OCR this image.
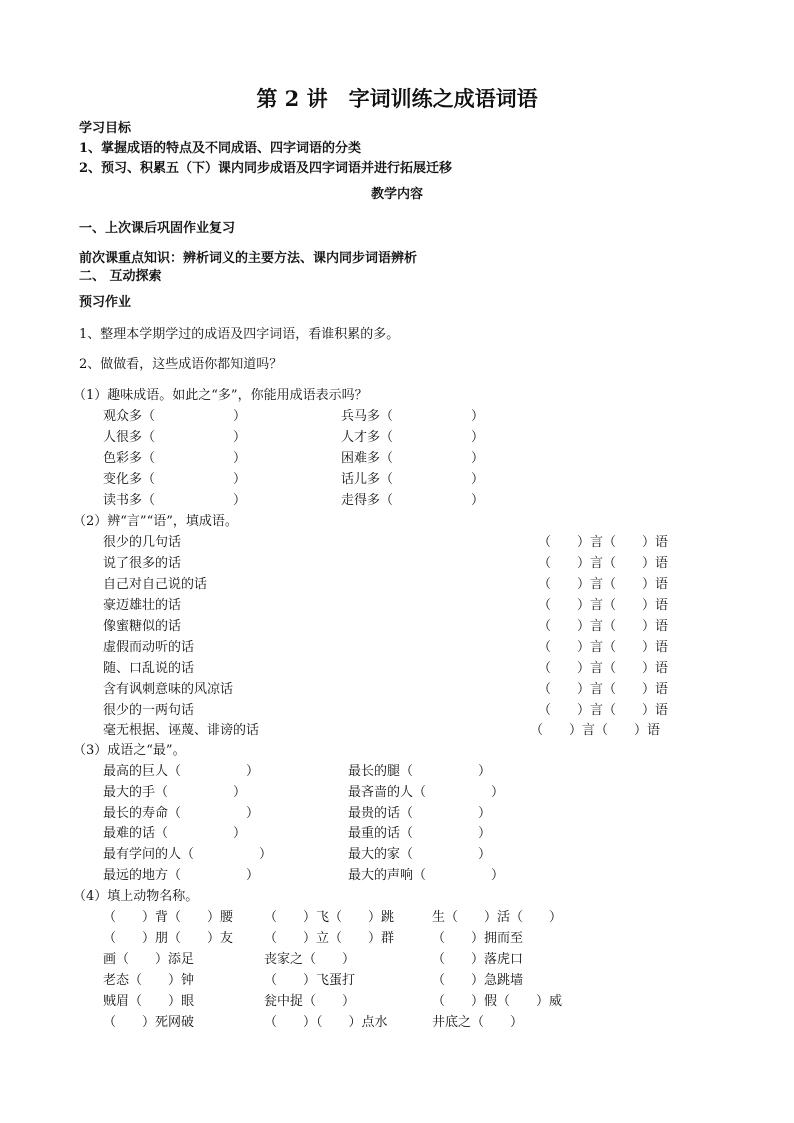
第 2 讲　字词训练之成语词语
学习目标
1、掌握成语的特点及不同成语、四字词语的分类
2、预习、积累五（下）课内同步成语及四字词语并进行拓展迁移
教学内容
一、上次课后巩固作业复习
前次课重点知识：辨析词义的主要方法、课内同步词语辨析
二、 互动探索
预习作业
1、整理本学期学过的成语及四字词语，看谁积累的多。
2、做做看，这些成语你都知道吗？
（1）趣味成语。如此之“多”，你能用成语表示吗？
观众多（　　　　　　）
人很多（　　　　　　）
色彩多（　　　　　　）
变化多（　　　　　　）
读书多（　　　　　　）
兵马多（　　　　　　）
人才多（　　　　　　）
困难多（　　　　　　）
话儿多（　　　　　　）
走得多（　　　　　　）
（2）辨“言”“语”，填成语。
很少的几句话
说了很多的话
自己对自己说的话
豪迈雄壮的话
像蜜糖似的话
虚假而动听的话
随、口乱说的话
含有讽刺意味的风凉话
很少的一两句话
毫无根据、诬蔑、诽谤的话
（　　）言（　　）语
（　　）言（　　）语
（　　）言（　　）语
（　　）言（　　）语
（　　）言（　　）语
（　　）言（　　）语
（　　）言（　　）语
（　　）言（　　）语
（　　）言（　　）语
（　　）言（　　）语
（3）成语之“最”。
最高的巨人（　　　　　）
最大的手（　　　　　）
最长的寿命（　　　　　）
最难的话（　　　　　）
最有学问的人（　　　　　）
最远的地方（　　　　　）
最长的腿（　　　　　）
最吝啬的人（　　　　　）
最贵的话（　　　　　）
最重的话（　　　　　）
最大的家（　　　　　）
最大的声响（　　　　　）
（4）填上动物名称。
（　　）背（　　）腰
（　　）朋（　　）友
画（　　）添足
老态（　　）钟
贼眉（　　）眼
（　　）死网破
（　　）飞（　　）跳
（　　）立（　　）群
丧家之（　　）
（　　）飞蛋打
瓮中捉（　　）
（　　）（　　）点水
生（　　）活（　　）
（　　）拥而至
（　　）落虎口
（　　）急跳墙
（　　）假（　　）威
井底之（　　）
